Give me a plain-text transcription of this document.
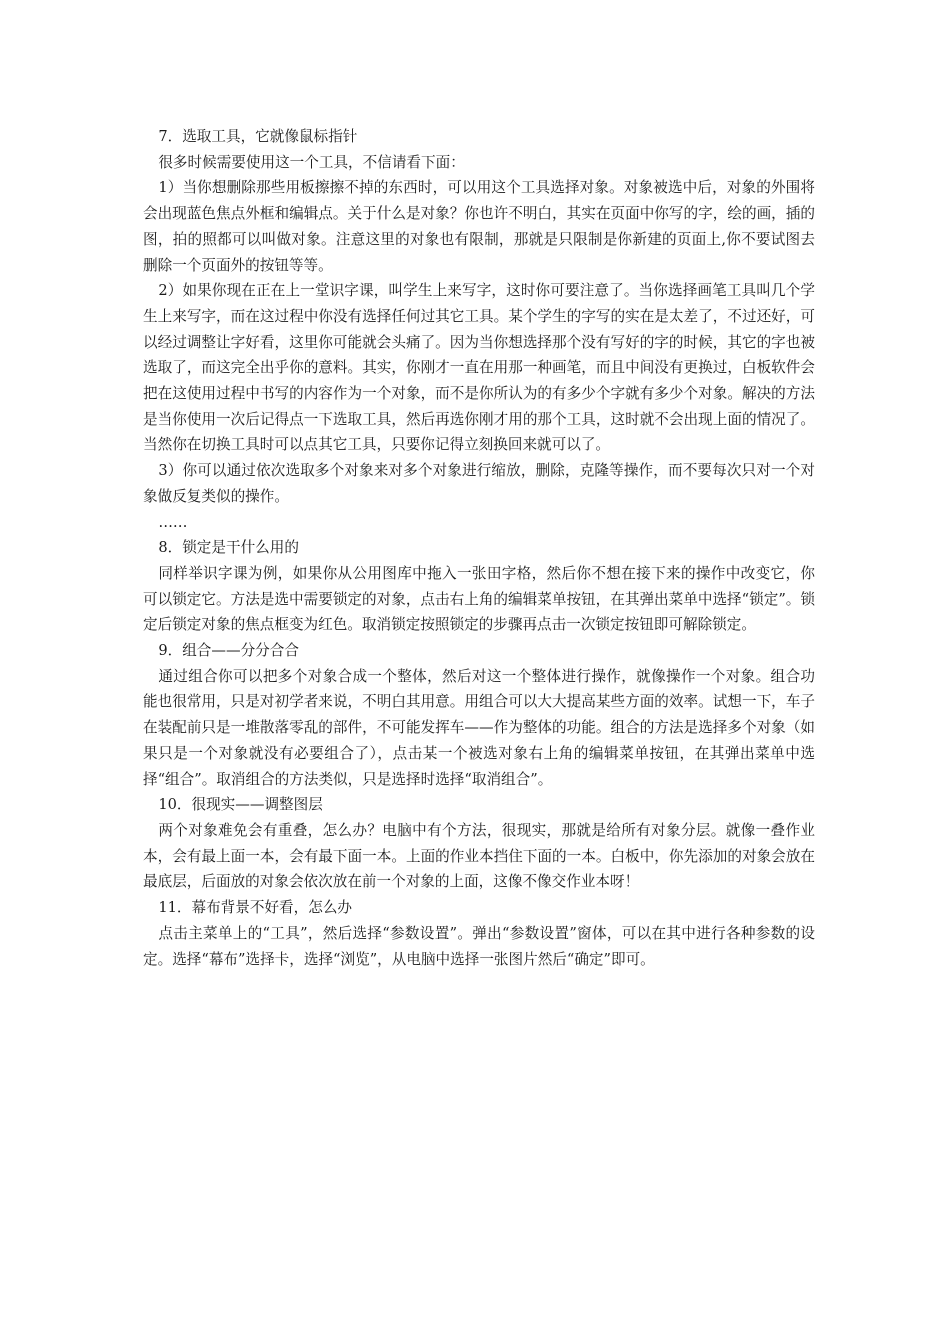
7．选取工具，它就像鼠标指针

很多时候需要使用这一个工具，不信请看下面：

1）当你想删除那些用板擦擦不掉的东西时，可以用这个工具选择对象。对象被选中后，对象的外围将会出现蓝色焦点外框和编辑点。关于什么是对象？你也许不明白，其实在页面中你写的字，绘的画，插的图，拍的照都可以叫做对象。注意这里的对象也有限制，那就是只限制是你新建的页面上,你不要试图去删除一个页面外的按钮等等。

2）如果你现在正在上一堂识字课，叫学生上来写字，这时你可要注意了。当你选择画笔工具叫几个学生上来写字，而在这过程中你没有选择任何过其它工具。某个学生的字写的实在是太差了，不过还好，可以经过调整让字好看，这里你可能就会头痛了。因为当你想选择那个没有写好的字的时候，其它的字也被选取了，而这完全出乎你的意料。其实，你刚才一直在用那一种画笔，而且中间没有更换过，白板软件会把在这使用过程中书写的内容作为一个对象，而不是你所认为的有多少个字就有多少个对象。解决的方法是当你使用一次后记得点一下选取工具，然后再选你刚才用的那个工具，这时就不会出现上面的情况了。当然你在切换工具时可以点其它工具，只要你记得立刻换回来就可以了。

3）你可以通过依次选取多个对象来对多个对象进行缩放，删除，克隆等操作，而不要每次只对一个对象做反复类似的操作。

……

8．锁定是干什么用的

同样举识字课为例，如果你从公用图库中拖入一张田字格，然后你不想在接下来的操作中改变它，你可以锁定它。方法是选中需要锁定的对象，点击右上角的编辑菜单按钮，在其弹出菜单中选择“锁定”。锁定后锁定对象的焦点框变为红色。取消锁定按照锁定的步骤再点击一次锁定按钮即可解除锁定。

9．组合——分分合合

通过组合你可以把多个对象合成一个整体，然后对这一个整体进行操作，就像操作一个对象。组合功能也很常用，只是对初学者来说，不明白其用意。用组合可以大大提高某些方面的效率。试想一下，车子在装配前只是一堆散落零乱的部件，不可能发挥车——作为整体的功能。组合的方法是选择多个对象（如果只是一个对象就没有必要组合了），点击某一个被选对象右上角的编辑菜单按钮，在其弹出菜单中选择“组合”。取消组合的方法类似，只是选择时选择“取消组合”。

10．很现实——调整图层

两个对象难免会有重叠，怎么办？电脑中有个方法，很现实，那就是给所有对象分层。就像一叠作业本，会有最上面一本，会有最下面一本。上面的作业本挡住下面的一本。白板中，你先添加的对象会放在最底层，后面放的对象会依次放在前一个对象的上面，这像不像交作业本呀！

11．幕布背景不好看，怎么办

点击主菜单上的“工具”，然后选择“参数设置”。弹出“参数设置”窗体，可以在其中进行各种参数的设定。选择“幕布”选择卡，选择“浏览”，从电脑中选择一张图片然后“确定”即可。
